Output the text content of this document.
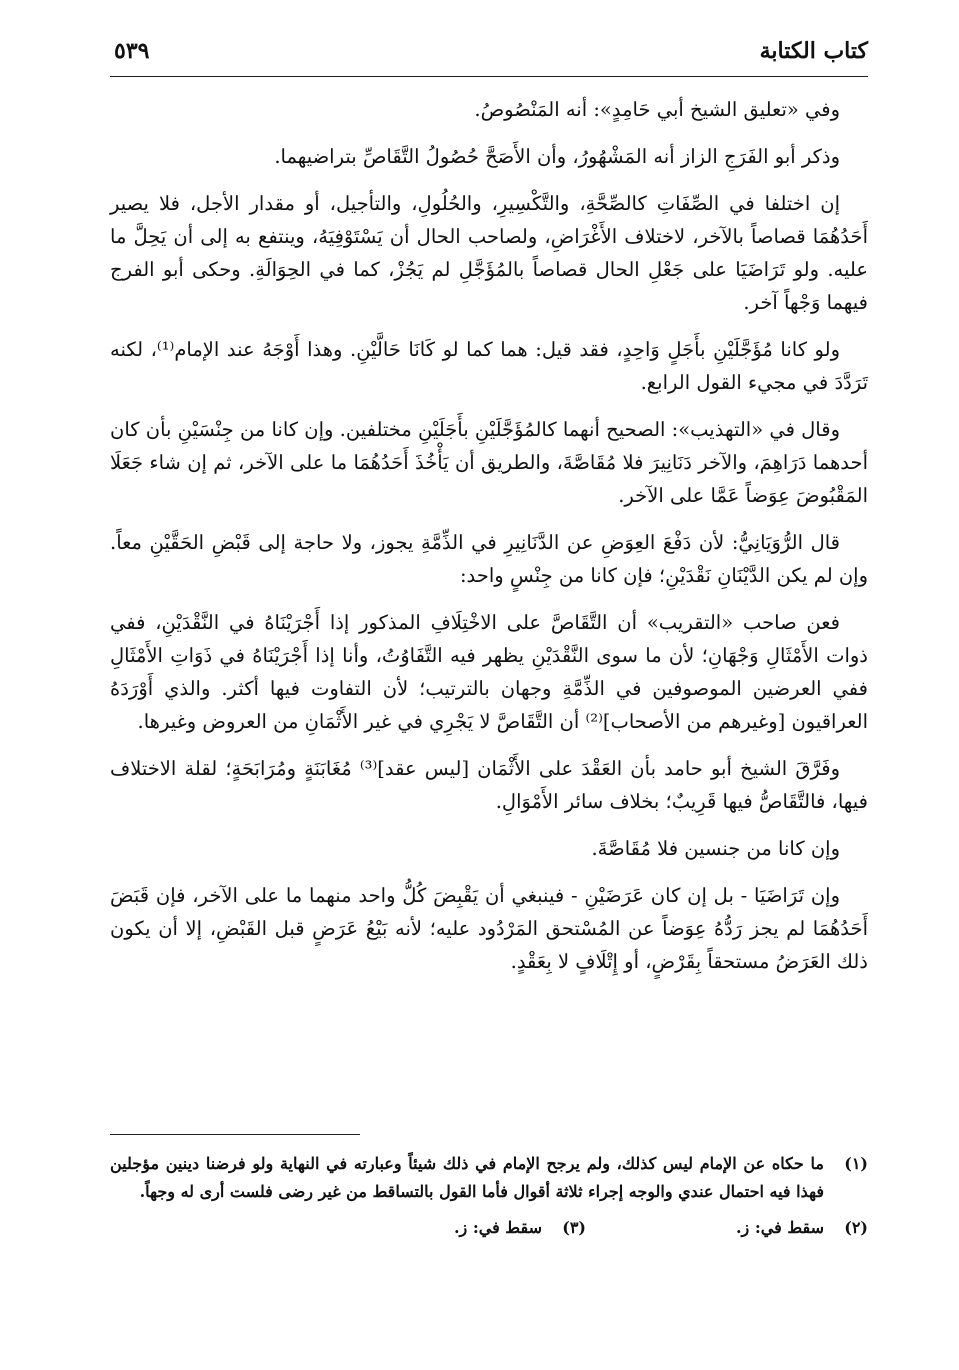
كتاب الكتابة
٥٣٩

وفي «تعليق الشيخ أبي حَامِدٍ»: أنه المَنْصُوصُ.

وذكر أبو الفَرَجِ الزاز أنه المَشْهُورُ، وأن الأَصَحَّ حُصُولُ التَّقَاصِّ بتراضيهما.

إن اختلفا في الصِّفَاتِ كالصِّحَّةِ، والتَّكْسِيرِ، والحُلُولِ، والتأجيل، أو مقدار الأجل، فلا يصير أَحَدُهُمَا قصاصاً بالآخر، لاختلاف الأَغْرَاضِ، ولصاحب الحال أن يَسْتَوْفِيَهُ، وينتفع به إلى أن يَحِلَّ ما عليه. ولو تَرَاضَيَا على جَعْلِ الحال قصاصاً بالمُؤَجَّلِ لم يَجُزْ، كما في الحِوَالَةِ. وحكى أبو الفرج فيهما وَجْهاً آخر.

ولو كانا مُؤَجَّلَيْنِ بأَجَلٍ وَاحِدٍ، فقد قيل: هما كما لو كَانَا حَالَّيْنِ. وهذا أَوْجَهُ عند الإمام⁽¹⁾، لكنه تَرَدَّدَ في مجيء القول الرابع.

وقال في «التهذيب»: الصحيح أنهما كالمُؤَجَّلَيْنِ بأَجَلَيْنِ مختلفين. وإن كانا من جِنْسَيْنِ بأن كان أحدهما دَرَاهِمَ، والآخر دَنَانِيرَ فلا مُقَاصَّةَ، والطريق أن يَأْخُذَ أَحَدُهُمَا ما على الآخر، ثم إن شاء جَعَلَا المَقْبُوضَ عِوَضاً عَمَّا على الآخر.

قال الرُّوَيَانِيُّ: لأن دَفْعَ العِوَضِ عن الدَّنَانِيرِ في الذِّمَّةِ يجوز، ولا حاجة إلى قَبْضِ الحَقَّيْنِ معاً. وإن لم يكن الدَّيْنَانِ نَقْدَيْنِ؛ فإن كانا من جِنْسٍ واحد:

فعن صاحب «التقريب» أن التَّقَاصَّ على الاخْتِلَافِ المذكور إذا أَجْرَيْنَاهُ في النَّقْدَيْنِ، ففي ذوات الأَمْثَالِ وَجْهَانِ؛ لأن ما سوى النَّقْدَيْنِ يظهر فيه التَّفَاوُتُ، وأنا إذا أَجْرَيْنَاهُ في ذَوَاتِ الأَمْثَالِ ففي العرضين الموصوفين في الذِّمَّةِ وجهان بالترتيب؛ لأن التفاوت فيها أكثر. والذي أَوْرَدَهُ العراقيون [وغيرهم من الأصحاب]⁽²⁾ أن التَّقَاصَّ لا يَجْرِي في غير الأَثْمَانِ من العروض وغيرها.

وفَرَّقَ الشيخ أبو حامد بأن العَقْدَ على الأَثْمَان [ليس عقد]⁽³⁾ مُغَابَنَةٍ ومُرَابَحَةٍ؛ لقلة الاختلاف فيها، فالتَّقَاصُّ فيها قَرِيبٌ؛ بخلاف سائر الأَمْوَالِ.

وإن كانا من جنسين فلا مُقَاصَّةَ.

وإن تَرَاضَيَا - بل إن كان عَرَضَيْنِ - فينبغي أن يَقْبِضَ كُلُّ واحد منهما ما على الآخر، فإن قَبَضَ أَحَدُهُمَا لم يجز رَدُّهُ عِوَضاً عن المُسْتحق المَرْدُود عليه؛ لأنه بَيْعُ عَرَضٍ قبل القَبْضِ، إلا أن يكون ذلك العَرَضُ مستحقاً بِقَرْضٍ، أو إِتْلَافٍ لا بِعَقْدٍ.

(١)
ما حكاه عن الإمام ليس كذلك، ولم يرجح الإمام في ذلك شيئاً وعبارته في النهاية ولو فرضنا دينين مؤجلين فهذا فيه احتمال عندي والوجه إجراء ثلاثة أقوال فأما القول بالتساقط من غير رضى فلست أرى له وجهاً.
(٢)
سقط في: ز.
(٣)
سقط في: ز.
